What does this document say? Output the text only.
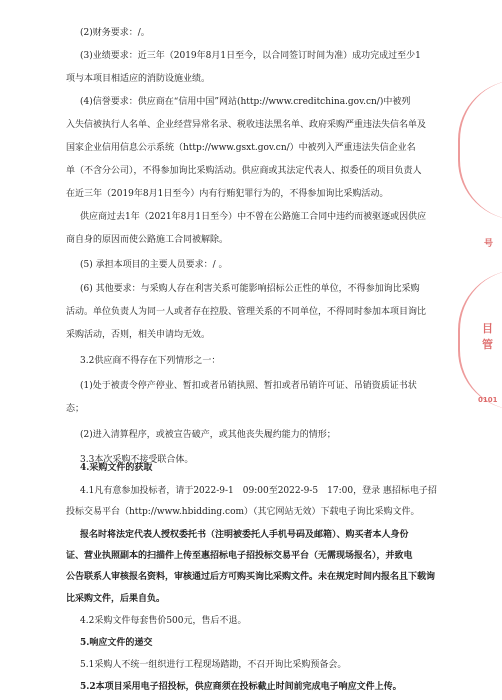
(2)财务要求：/。

(3)业绩要求：近三年（2019年8月1日至今，以合同签订时间为准）成功完成过至少1

项与本项目相适应的消防设施业绩。

(4)信誉要求：供应商在“信用中国”网站(http://www.creditchina.gov.cn/)中被列

入失信被执行人名单、企业经营异常名录、税收违法黑名单、政府采购严重违法失信名单及

国家企业信用信息公示系统（http://www.gsxt.gov.cn/）中被列入严重违法失信企业名

单（不含分公司），不得参加询比采购活动。供应商或其法定代表人、拟委任的项目负责人

在近三年（2019年8月1日至今）内有行贿犯罪行为的，不得参加询比采购活动。

供应商过去1年（2021年8月1日至今）中不曾在公路施工合同中违约而被驱逐或因供应

商自身的原因而使公路施工合同被解除。

(5) 承担本项目的主要人员要求：/ 。

(6) 其他要求：与采购人存在利害关系可能影响招标公正性的单位，不得参加询比采购

活动。单位负责人为同一人或者存在控股、管理关系的不同单位，不得同时参加本项目询比

采购活动，否则，相关申请均无效。

3.2供应商不得存在下列情形之一：

(1)处于被责令停产停业、暂扣或者吊销执照、暂扣或者吊销许可证、吊销资质证书状

态；

(2)进入清算程序，或被宣告破产，或其他丧失履约能力的情形；

3.3本次采购不接受联合体。

4.采购文件的获取

4.1凡有意参加投标者，请于2022-9-1　09:00至2022-9-5　17:00，登录 惠招标电子招

投标交易平台（http://www.hbidding.com）（其它网站无效）下载电子询比采购文件。

报名时将法定代表人授权委托书（注明被委托人手机号码及邮箱）、购买者本人身份

证、营业执照副本的扫描件上传至惠招标电子招投标交易平台（无需现场报名），并致电

公告联系人审核报名资料，审核通过后方可购买询比采购文件。未在规定时间内报名且下载询

比采购文件，后果自负。

4.2采购文件每套售价500元，售后不退。

5.响应文件的递交

5.1采购人不统一组织进行工程现场踏勘，不召开询比采购预备会。

5.2本项目采用电子招投标，供应商须在投标截止时间前完成电子响应文件上传。

号
目管
0101
